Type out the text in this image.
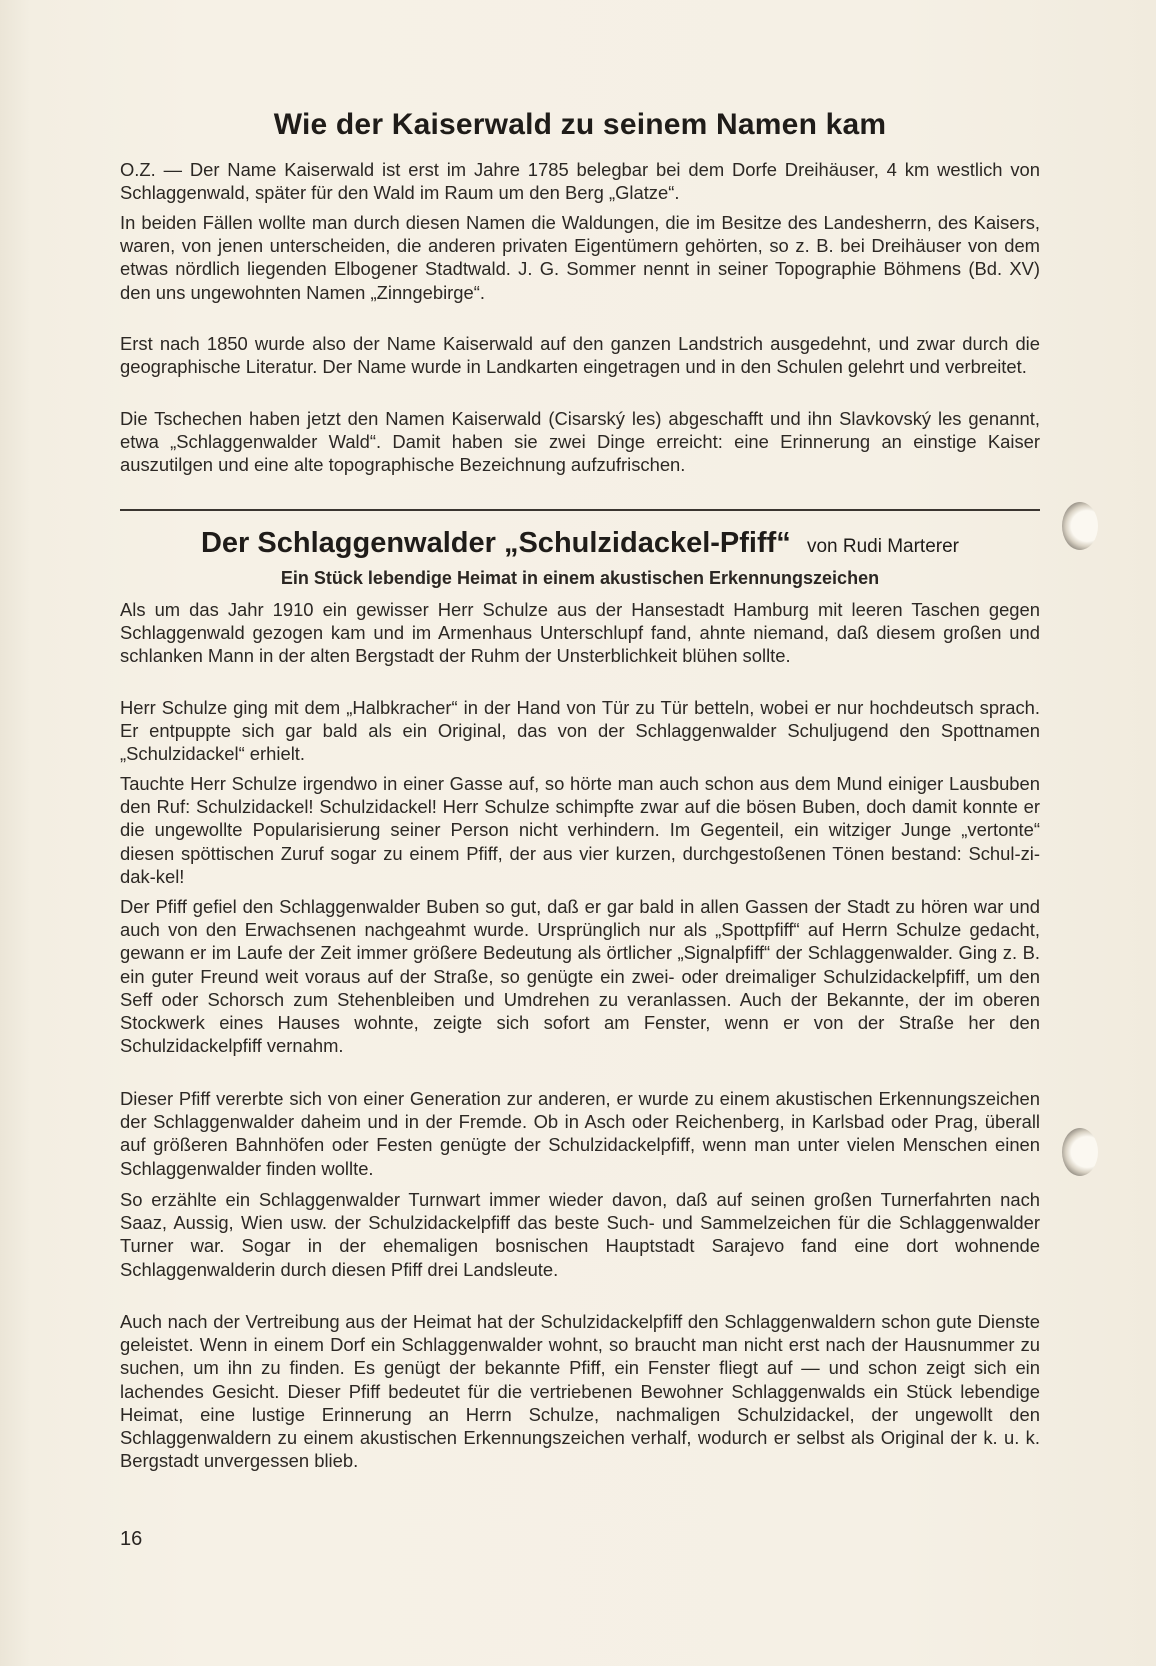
Wie der Kaiserwald zu seinem Namen kam

O.Z. — Der Name Kaiserwald ist erst im Jahre 1785 belegbar bei dem Dorfe Dreihäuser, 4 km westlich von Schlaggenwald, später für den Wald im Raum um den Berg „Glatze“.

In beiden Fällen wollte man durch diesen Namen die Waldungen, die im Besitze des Landesherrn, des Kaisers, waren, von jenen unterscheiden, die anderen privaten Eigentümern gehörten, so z. B. bei Dreihäuser von dem etwas nördlich liegenden Elbogener Stadtwald. J. G. Sommer nennt in seiner Topographie Böhmens (Bd. XV) den uns ungewohnten Namen „Zinngebirge“.

Erst nach 1850 wurde also der Name Kaiserwald auf den ganzen Landstrich ausgedehnt, und zwar durch die geographische Literatur. Der Name wurde in Landkarten eingetragen und in den Schulen gelehrt und verbreitet.

Die Tschechen haben jetzt den Namen Kaiserwald (Cisarský les) abgeschafft und ihn Slavkovský les genannt, etwa „Schlaggenwalder Wald“. Damit haben sie zwei Dinge erreicht: eine Erinnerung an einstige Kaiser auszutilgen und eine alte topographische Bezeichnung aufzufrischen.

Der Schlaggenwalder „Schulzidackel-Pfiff“ von Rudi Marterer

Ein Stück lebendige Heimat in einem akustischen Erkennungszeichen

Als um das Jahr 1910 ein gewisser Herr Schulze aus der Hansestadt Hamburg mit leeren Taschen gegen Schlaggenwald gezogen kam und im Armenhaus Unterschlupf fand, ahnte niemand, daß diesem großen und schlanken Mann in der alten Bergstadt der Ruhm der Unsterblichkeit blühen sollte.

Herr Schulze ging mit dem „Halbkracher“ in der Hand von Tür zu Tür betteln, wobei er nur hochdeutsch sprach. Er entpuppte sich gar bald als ein Original, das von der Schlaggenwalder Schuljugend den Spottnamen „Schulzidackel“ erhielt.

Tauchte Herr Schulze irgendwo in einer Gasse auf, so hörte man auch schon aus dem Mund einiger Lausbuben den Ruf: Schulzidackel! Schulzidackel! Herr Schulze schimpfte zwar auf die bösen Buben, doch damit konnte er die ungewollte Popularisierung seiner Person nicht verhindern. Im Gegenteil, ein witziger Junge „vertonte“ diesen spöttischen Zuruf sogar zu einem Pfiff, der aus vier kurzen, durchgestoßenen Tönen bestand: Schul-zi-dak-kel!

Der Pfiff gefiel den Schlaggenwalder Buben so gut, daß er gar bald in allen Gassen der Stadt zu hören war und auch von den Erwachsenen nachgeahmt wurde. Ursprünglich nur als „Spottpfiff“ auf Herrn Schulze gedacht, gewann er im Laufe der Zeit immer größere Bedeutung als örtlicher „Signalpfiff“ der Schlaggenwalder. Ging z. B. ein guter Freund weit voraus auf der Straße, so genügte ein zwei- oder dreimaliger Schulzidackelpfiff, um den Seff oder Schorsch zum Stehenbleiben und Umdrehen zu veranlassen. Auch der Bekannte, der im oberen Stockwerk eines Hauses wohnte, zeigte sich sofort am Fenster, wenn er von der Straße her den Schulzidackelpfiff vernahm.

Dieser Pfiff vererbte sich von einer Generation zur anderen, er wurde zu einem akustischen Erkennungszeichen der Schlaggenwalder daheim und in der Fremde. Ob in Asch oder Reichenberg, in Karlsbad oder Prag, überall auf größeren Bahnhöfen oder Festen genügte der Schulzidackelpfiff, wenn man unter vielen Menschen einen Schlaggenwalder finden wollte.

So erzählte ein Schlaggenwalder Turnwart immer wieder davon, daß auf seinen großen Turnerfahrten nach Saaz, Aussig, Wien usw. der Schulzidackelpfiff das beste Such- und Sammelzeichen für die Schlaggenwalder Turner war. Sogar in der ehemaligen bosnischen Hauptstadt Sarajevo fand eine dort wohnende Schlaggenwalderin durch diesen Pfiff drei Landsleute.

Auch nach der Vertreibung aus der Heimat hat der Schulzidackelpfiff den Schlaggenwaldern schon gute Dienste geleistet. Wenn in einem Dorf ein Schlaggenwalder wohnt, so braucht man nicht erst nach der Hausnummer zu suchen, um ihn zu finden. Es genügt der bekannte Pfiff, ein Fenster fliegt auf — und schon zeigt sich ein lachendes Gesicht. Dieser Pfiff bedeutet für die vertriebenen Bewohner Schlaggenwalds ein Stück lebendige Heimat, eine lustige Erinnerung an Herrn Schulze, nachmaligen Schulzidackel, der ungewollt den Schlaggenwaldern zu einem akustischen Erkennungszeichen verhalf, wodurch er selbst als Original der k. u. k. Bergstadt unvergessen blieb.

16
